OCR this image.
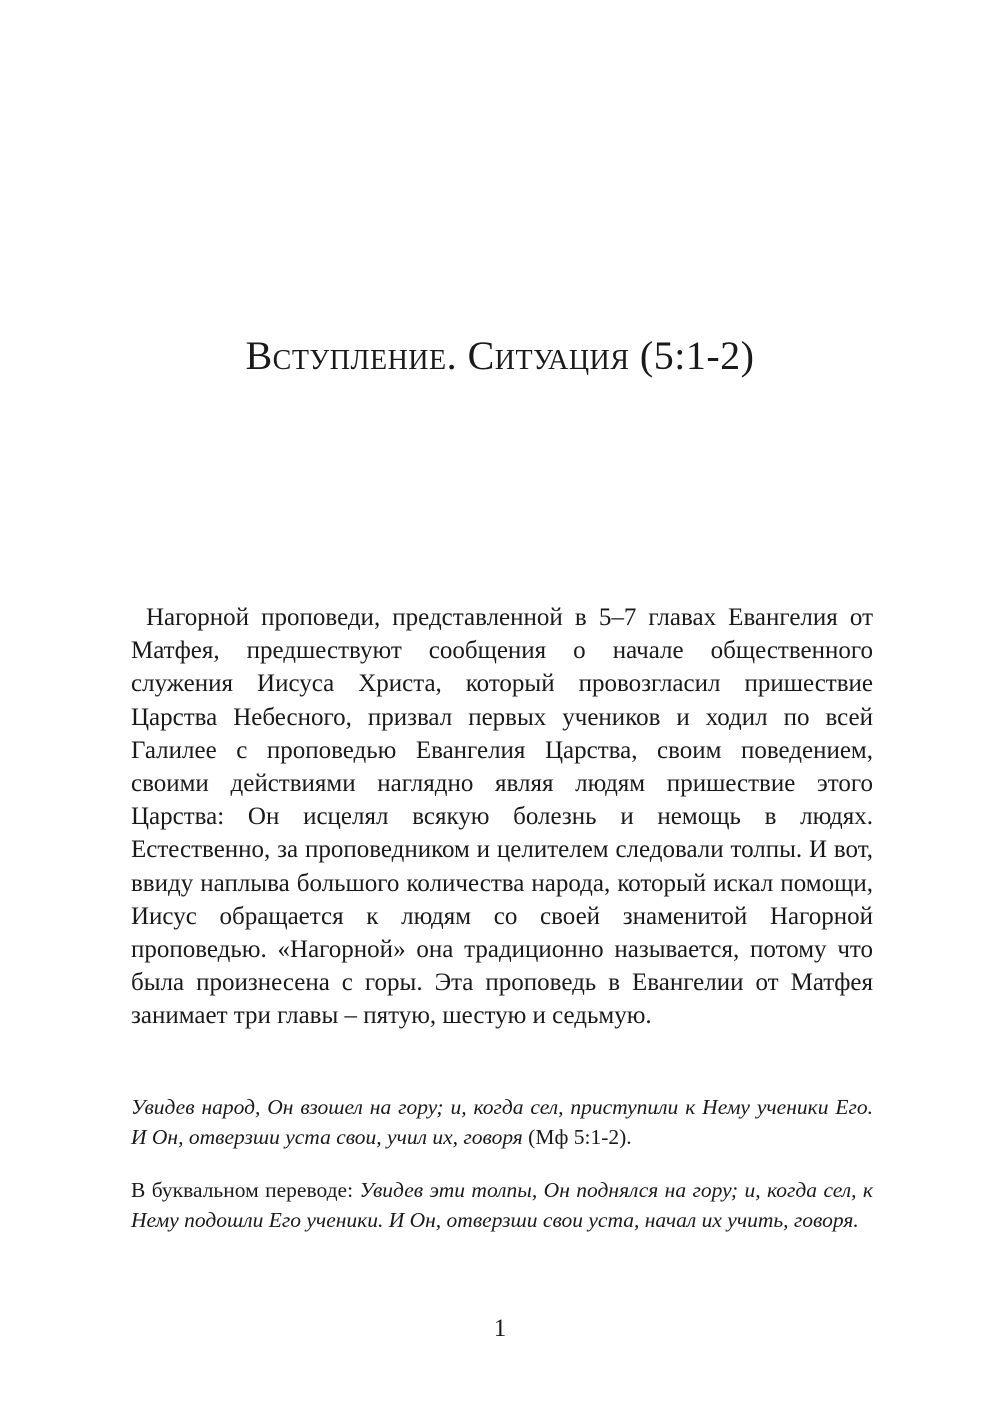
Вступление. Ситуация (5:1-2)

Нагорной проповеди, представленной в 5–7 главах Евангелия от Матфея, предшествуют сообщения о начале общественного служения Иисуса Христа, который провозгласил пришествие Царства Небесного, призвал первых учеников и ходил по всей Галилее с проповедью Евангелия Царства, своим поведением, своими действиями наглядно являя людям пришествие этого Царства: Он исцелял всякую болезнь и немощь в людях. Естественно, за проповедником и целителем следовали толпы. И вот, ввиду наплыва большого количества народа, который искал помощи, Иисус обращается к людям со своей знаменитой Нагорной проповедью. «Нагорной» она традиционно называется, потому что была произнесена с горы. Эта проповедь в Евангелии от Матфея занимает три главы – пятую, шестую и седьмую.

Увидев народ, Он взошел на гору; и, когда сел, приступили к Нему ученики Его. И Он, отверзши уста свои, учил их, говоря (Мф 5:1-2).

В буквальном переводе: Увидев эти толпы, Он поднялся на гору; и, когда сел, к Нему подошли Его ученики. И Он, отверзши свои уста, начал их учить, говоря.

1
